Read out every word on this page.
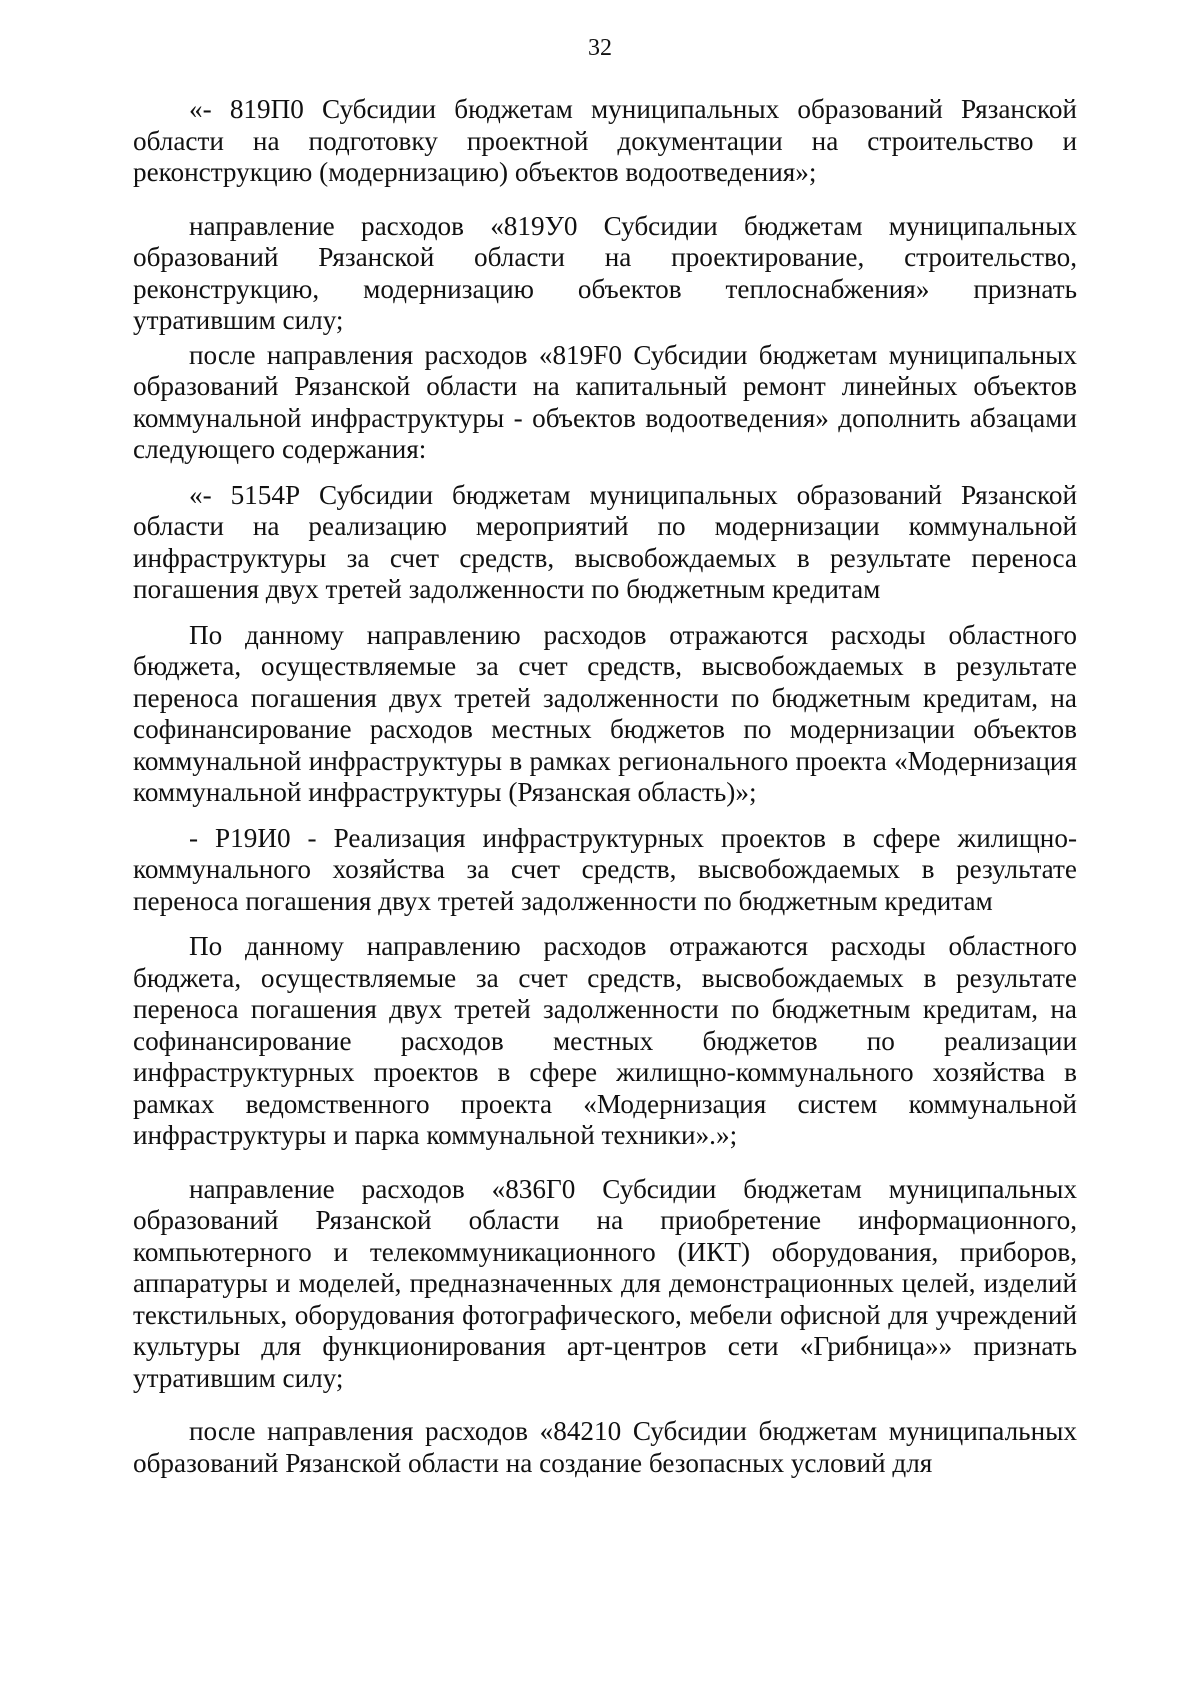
32

«- 819П0 Субсидии бюджетам муниципальных образований Рязанской области на подготовку проектной документации на строительство и реконструкцию (модернизацию) объектов водоотведения»;

направление расходов «819У0 Субсидии бюджетам муниципальных образований Рязанской области на проектирование, строительство, реконструкцию, модернизацию объектов теплоснабжения» признать утратившим силу;

после направления расходов «819F0 Субсидии бюджетам муниципальных образований Рязанской области на капитальный ремонт линейных объектов коммунальной инфраструктуры - объектов водоотведения» дополнить абзацами следующего содержания:

«- 5154Р Субсидии бюджетам муниципальных образований Рязанской области на реализацию мероприятий по модернизации коммунальной инфраструктуры за счет средств, высвобождаемых в результате переноса погашения двух третей задолженности по бюджетным кредитам

По данному направлению расходов отражаются расходы областного бюджета, осуществляемые за счет средств, высвобождаемых в результате переноса погашения двух третей задолженности по бюджетным кредитам, на софинансирование расходов местных бюджетов по модернизации объектов коммунальной инфраструктуры в рамках регионального проекта «Модернизация коммунальной инфраструктуры (Рязанская область)»;

- Р19И0 - Реализация инфраструктурных проектов в сфере жилищно-коммунального хозяйства за счет средств, высвобождаемых в результате переноса погашения двух третей задолженности по бюджетным кредитам

По данному направлению расходов отражаются расходы областного бюджета, осуществляемые за счет средств, высвобождаемых в результате переноса погашения двух третей задолженности по бюджетным кредитам, на софинансирование расходов местных бюджетов по реализации инфраструктурных проектов в сфере жилищно-коммунального хозяйства в рамках ведомственного проекта «Модернизация систем коммунальной инфраструктуры и парка коммунальной техники».»;

направление расходов «836Г0 Субсидии бюджетам муниципальных образований Рязанской области на приобретение информационного, компьютерного и телекоммуникационного (ИКТ) оборудования, приборов, аппаратуры и моделей, предназначенных для демонстрационных целей, изделий текстильных, оборудования фотографического, мебели офисной для учреждений культуры для функционирования арт-центров сети «Грибница»» признать утратившим силу;

после направления расходов «84210 Субсидии бюджетам муниципальных образований Рязанской области на создание безопасных условий для
